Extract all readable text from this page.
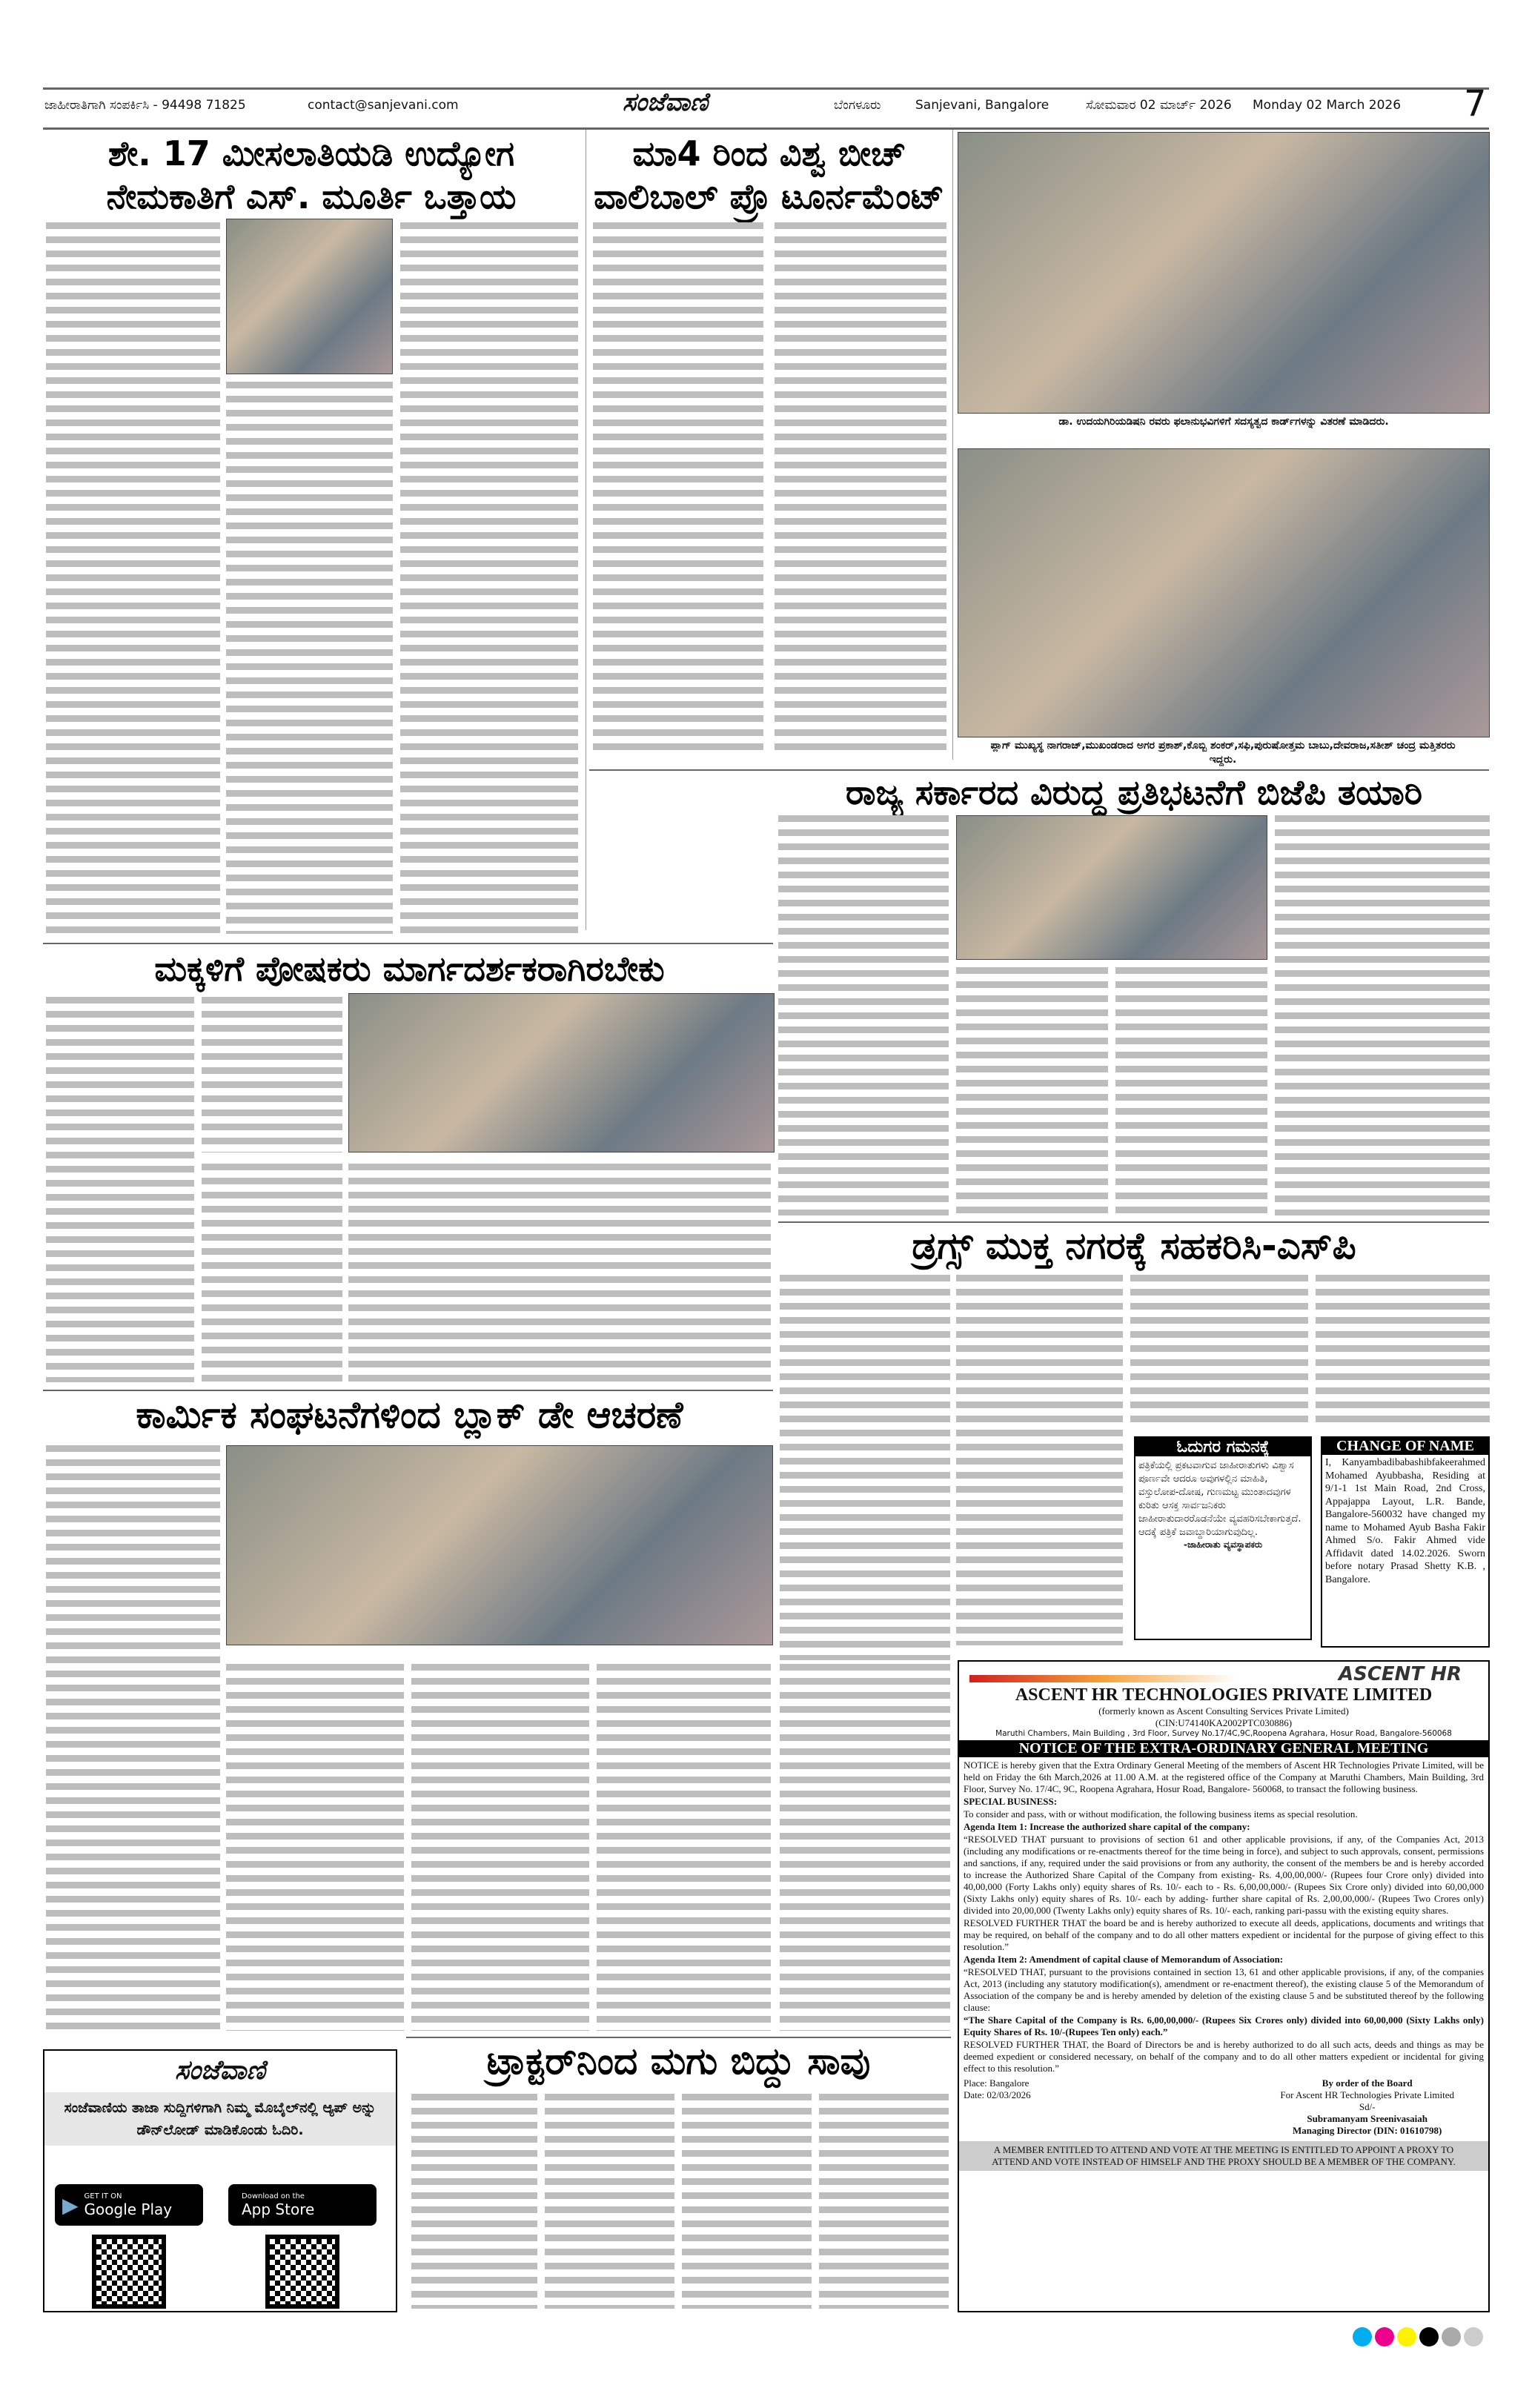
ಜಾಹೀರಾತಿಗಾಗಿ ಸಂಪರ್ಕಿಸಿ - 94498 71825	contact@sanjevani.com	ಸಂಜೆವಾಣಿ	ಬೆಂಗಳೂರು	Sanjevani, Bangalore	ಸೋಮವಾರ 02 ಮಾರ್ಚ್ 2026 Monday 02 March 2026 7
ಶೇ. 17 ಮೀಸಲಾತಿಯಡಿ ಉದ್ಯೋಗ ನೇಮಕಾತಿಗೆ ಎಸ್. ಮೂರ್ತಿ ಒತ್ತಾಯ
ಮಾ4 ರಿಂದ ವಿಶ್ವ ಬೀಚ್ ವಾಲಿಬಾಲ್ ಪ್ರೊ ಟೂರ್ನಮೆಂಟ್
ಡಾ. ಉದಯಗಿರಿಯಡಿಷನಿ ರವರು ಫಲಾನುಭವಿಗಳಿಗೆ ಸದಸ್ಯತ್ವದ ಕಾರ್ಡ್‌ಗಳನ್ನು ವಿತರಣೆ ಮಾಡಿದರು.
ಪ್ಲಾಗ್ ಮುಖ್ಯಸ್ಥ ನಾಗರಾಜ್,ಮುಖಂಡರಾದ ಅಗರ ಪ್ರಕಾಶ್,ಕೊಬ್ಬಿ ಶಂಕರ್,ಸಫಿ,ಪುರುಷೋತ್ತಮ ಬಾಬು,ದೇವರಾಜ,ಸತೀಶ್ ಚಂದ್ರ ಮತ್ತಿತರರು ಇದ್ದರು.
ರಾಜ್ಯ ಸರ್ಕಾರದ ವಿರುದ್ಧ ಪ್ರತಿಭಟನೆಗೆ ಬಿಜೆಪಿ ತಯಾರಿ
ಮಕ್ಕಳಿಗೆ ಪೋಷಕರು ಮಾರ್ಗದರ್ಶಕರಾಗಿರಬೇಕು
ಡ್ರಗ್ಸ್ ಮುಕ್ತ ನಗರಕ್ಕೆ ಸಹಕರಿಸಿ-ಎಸ್‌ಪಿ
ಓದುಗರ ಗಮನಕ್ಕೆ
ಪತ್ರಿಕೆಯಲ್ಲಿ ಪ್ರಕಟವಾಗುವ ಜಾಹೀರಾತುಗಳು ವಿಶ್ವಾಸ ಪೂರ್ಣವೇ ಆದರೂ ಅವುಗಳಲ್ಲಿನ ಮಾಹಿತಿ, ವಸ್ತುಲೋಪ-ದೋಷ, ಗುಣಮಟ್ಟ ಮುಂತಾದವುಗಳ ಕುರಿತು ಆಸಕ್ತ ಸಾರ್ವಜನಿಕರು ಜಾಹೀರಾತುದಾರರೊಡನೆಯೇ ವ್ಯವಹರಿಸಬೇಕಾಗುತ್ತದೆ. ಆದಕ್ಕೆ ಪತ್ರಿಕೆ ಜವಾಬ್ದಾರಿಯಾಗುವುದಿಲ್ಲ.
-ಜಾಹೀರಾತು ವ್ಯವಸ್ಥಾಪಕರು
CHANGE OF NAME
I, Kanyambadibabashibfakeerahmed Mohamed Ayubbasha, Residing at 9/1-1 1st Main Road, 2nd Cross, Appajappa Layout, L.R. Bande, Bangalore-560032 have changed my name to Mohamed Ayub Basha Fakir Ahmed S/o. Fakir Ahmed vide Affidavit dated 14.02.2026. Sworn before notary Prasad Shetty K.B. , Bangalore.
ಕಾರ್ಮಿಕ ಸಂಘಟನೆಗಳಿಂದ ಬ್ಲಾಕ್ ಡೇ ಆಚರಣೆ
ASCENT HR
ASCENT HR TECHNOLOGIES PRIVATE LIMITED
(formerly known as Ascent Consulting Services Private Limited)
(CIN:U74140KA2002PTC030886)
Maruthi Chambers, Main Building , 3rd Floor, Survey No.17/4C,9C,Roopena Agrahara, Hosur Road, Bangalore-560068
NOTICE OF THE EXTRA-ORDINARY GENERAL MEETING

NOTICE is hereby given that the Extra Ordinary General Meeting of the members of Ascent HR Technologies Private Limited, will be held on Friday the 6th March,2026 at 11.00 A.M. at the registered office of the Company at Maruthi Chambers, Main Building, 3rd Floor, Survey No. 17/4C, 9C, Roopena Agrahara, Hosur Road, Bangalore- 560068, to transact the following business.

SPECIAL BUSINESS:

To consider and pass, with or without modification, the following business items as special resolution.

Agenda Item 1: Increase the authorized share capital of the company:

“RESOLVED THAT pursuant to provisions of section 61 and other applicable provisions, if any, of the Companies Act, 2013 (including any modifications or re-enactments thereof for the time being in force), and subject to such approvals, consent, permissions and sanctions, if any, required under the said provisions or from any authority, the consent of the members be and is hereby accorded to increase the Authorized Share Capital of the Company from existing- Rs. 4,00,00,000/- (Rupees four Crore only) divided into 40,00,000 (Forty Lakhs only) equity shares of Rs. 10/- each to - Rs. 6,00,00,000/- (Rupees Six Crore only) divided into 60,00,000 (Sixty Lakhs only) equity shares of Rs. 10/- each by adding- further share capital of Rs. 2,00,00,000/- (Rupees Two Crores only) divided into 20,00,000 (Twenty Lakhs only) equity shares of Rs. 10/- each, ranking pari-passu with the existing equity shares.

RESOLVED FURTHER THAT the board be and is hereby authorized to execute all deeds, applications, documents and writings that may be required, on behalf of the company and to do all other matters expedient or incidental for the purpose of giving effect to this resolution.”

Agenda Item 2: Amendment of capital clause of Memorandum of Association:

“RESOLVED THAT, pursuant to the provisions contained in section 13, 61 and other applicable provisions, if any, of the companies Act, 2013 (including any statutory modification(s), amendment or re-enactment thereof), the existing clause 5 of the Memorandum of Association of the company be and is hereby amended by deletion of the existing clause 5 and be substituted thereof by the following clause:

“The Share Capital of the Company is Rs. 6,00,00,000/- (Rupees Six Crores only) divided into 60,00,000 (Sixty Lakhs only) Equity Shares of Rs. 10/-(Rupees Ten only) each.”

RESOLVED FURTHER THAT, the Board of Directors be and is hereby authorized to do all such acts, deeds and things as may be deemed expedient or considered necessary, on behalf of the company and to do all other matters expedient or incidental for giving effect to this resolution.”

Place: Bangalore
Date: 02/03/2026
By order of the Board
For Ascent HR Technologies Private Limited
Sd/-
Subramanyam Sreenivasaiah
Managing Director (DIN: 01610798)
A MEMBER ENTITLED TO ATTEND AND VOTE AT THE MEETING IS ENTITLED TO APPOINT A PROXY TO ATTEND AND VOTE INSTEAD OF HIMSELF AND THE PROXY SHOULD BE A MEMBER OF THE COMPANY.
ಸಂಜೆವಾಣಿ
ಸಂಜೆವಾಣಿಯ ತಾಜಾ ಸುದ್ದಿಗಳಿಗಾಗಿ ನಿಮ್ಮ ಮೊಬೈಲ್‌ನಲ್ಲಿ ಆ್ಯಪ್ ಅನ್ನು ಡೌನ್‌ಲೋಡ್ ಮಾಡಿಕೊಂಡು ಓದಿರಿ.
▶ GET IT ON
Google Play
Download on the
App Store
ಟ್ರಾಕ್ಟರ್‌ನಿಂದ ಮಗು ಬಿದ್ದು ಸಾವು
